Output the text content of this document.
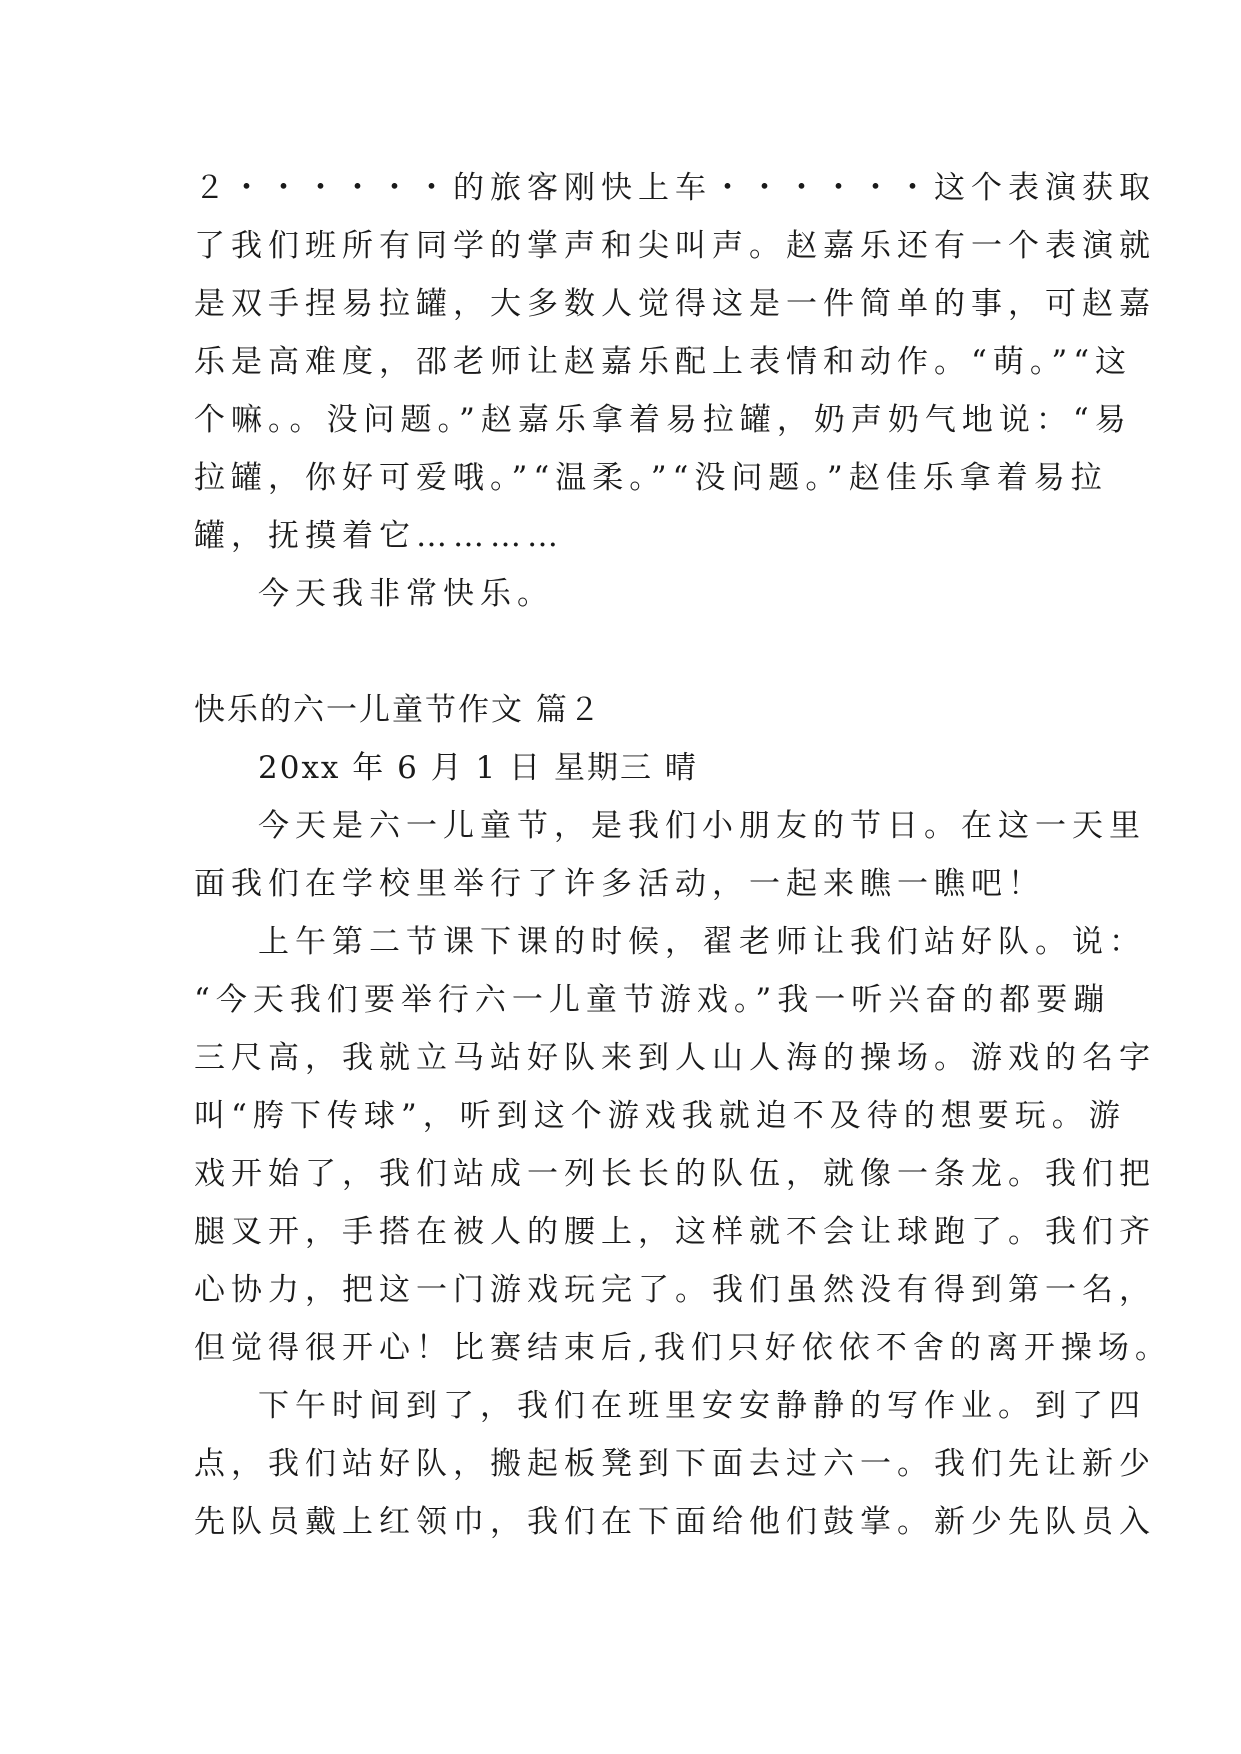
２・・・・・・的旅客刚快上车・・・・・・这个表演获取
了我们班所有同学的掌声和尖叫声。赵嘉乐还有一个表演就
是双手捏易拉罐，大多数人觉得这是一件简单的事，可赵嘉
乐是高难度，邵老师让赵嘉乐配上表情和动作。“萌。”“这
个嘛。。没问题。”赵嘉乐拿着易拉罐，奶声奶气地说：“易
拉罐，你好可爱哦。”“温柔。”“没问题。”赵佳乐拿着易拉
罐，抚摸着它…………
今天我非常快乐。
快乐的六一儿童节作文 篇２
20xx 年 6 月 1 日 星期三 晴
今天是六一儿童节，是我们小朋友的节日。在这一天里
面我们在学校里举行了许多活动，一起来瞧一瞧吧！
上午第二节课下课的时候，翟老师让我们站好队。说：
“今天我们要举行六一儿童节游戏。”我一听兴奋的都要蹦
三尺高，我就立马站好队来到人山人海的操场。游戏的名字
叫“胯下传球”，听到这个游戏我就迫不及待的想要玩。游
戏开始了，我们站成一列长长的队伍，就像一条龙。我们把
腿叉开，手搭在被人的腰上，这样就不会让球跑了。我们齐
心协力，把这一门游戏玩完了。我们虽然没有得到第一名，
但觉得很开心！比赛结束后,我们只好依依不舍的离开操场。
下午时间到了，我们在班里安安静静的写作业。到了四
点，我们站好队，搬起板凳到下面去过六一。我们先让新少
先队员戴上红领巾，我们在下面给他们鼓掌。新少先队员入
